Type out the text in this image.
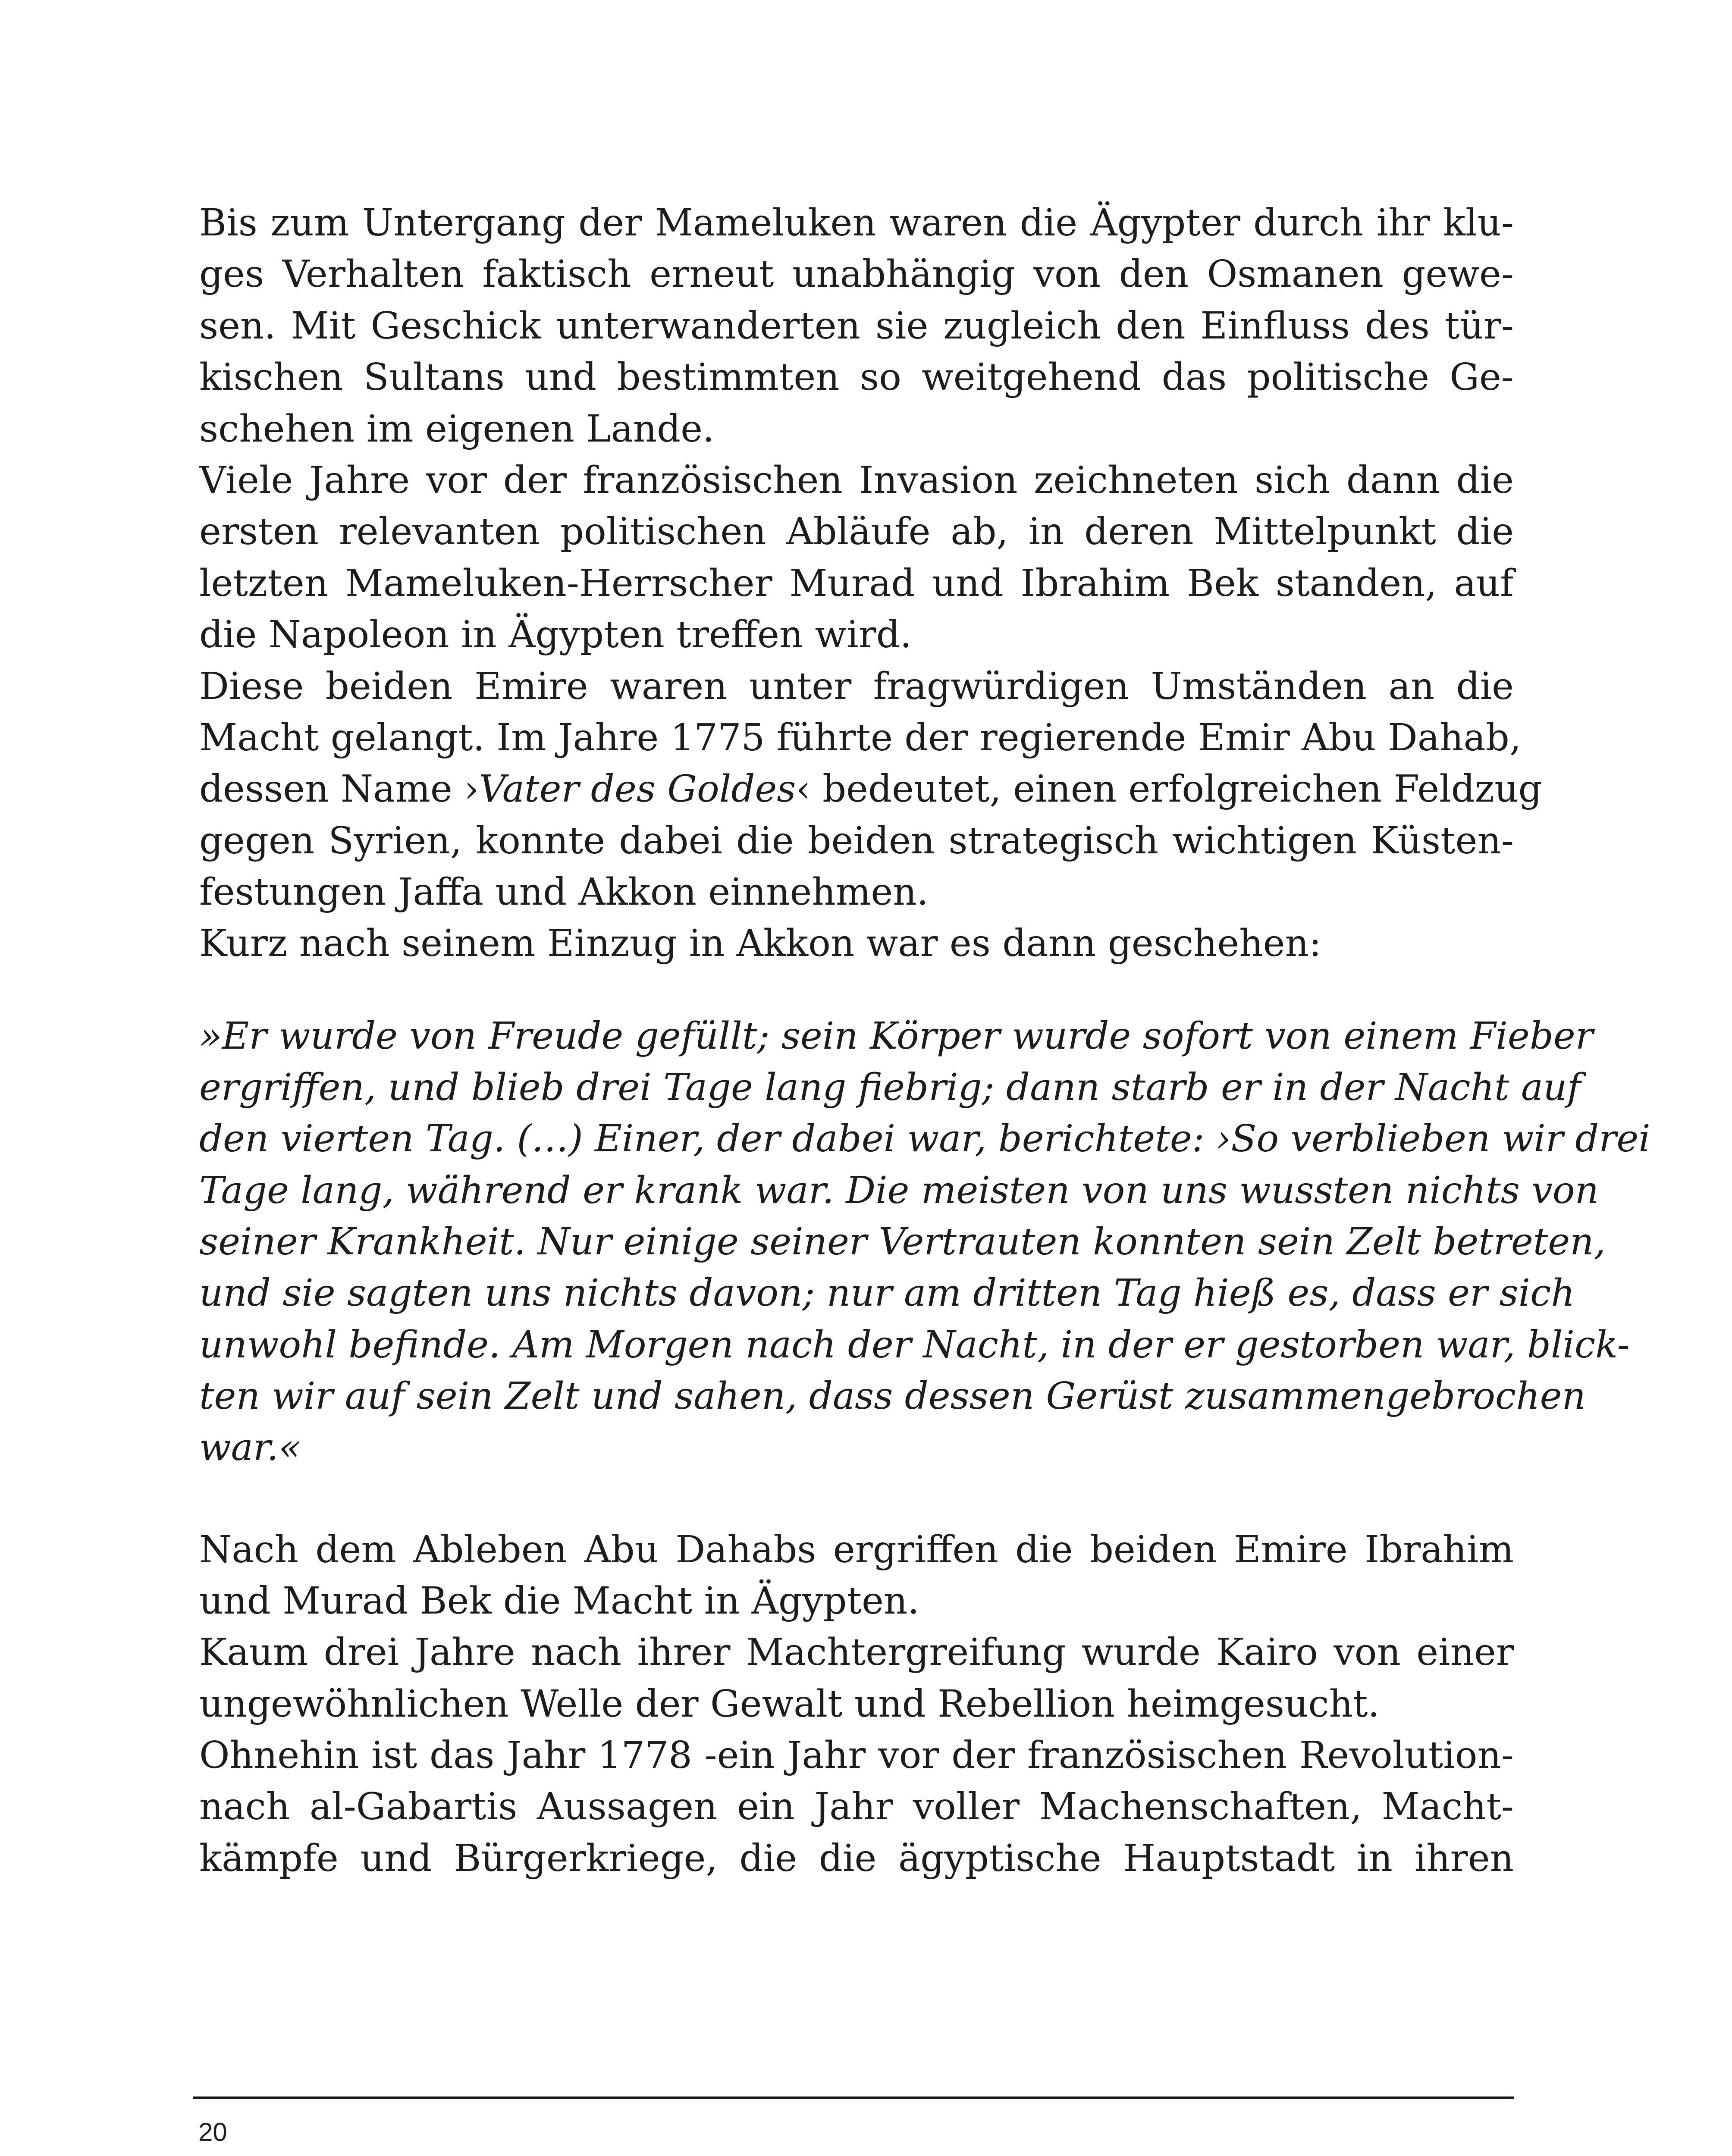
Bis zum Untergang der Mameluken waren die Ägypter durch ihr klu-
ges Verhalten faktisch erneut unabhängig von den Osmanen gewe-
sen. Mit Geschick unterwanderten sie zugleich den Einfluss des tür-
kischen Sultans und bestimmten so weitgehend das politische Ge-
schehen im eigenen Lande.
Viele Jahre vor der französischen Invasion zeichneten sich dann die
ersten relevanten politischen Abläufe ab, in deren Mittelpunkt die
letzten Mameluken-Herrscher Murad und Ibrahim Bek standen, auf
die Napoleon in Ägypten treffen wird.
Diese beiden Emire waren unter fragwürdigen Umständen an die
Macht gelangt. Im Jahre 1775 führte der regierende Emir Abu Dahab,
dessen Name ›Vater des Goldes‹ bedeutet, einen erfolgreichen Feldzug
gegen Syrien, konnte dabei die beiden strategisch wichtigen Küsten-
festungen Jaffa und Akkon einnehmen.
Kurz nach seinem Einzug in Akkon war es dann geschehen:
»Er wurde von Freude gefüllt; sein Körper wurde sofort von einem Fieber
ergriffen, und blieb drei Tage lang fiebrig; dann starb er in der Nacht auf
den vierten Tag. (…) Einer, der dabei war, berichtete: ›So verblieben wir drei
Tage lang, während er krank war. Die meisten von uns wussten nichts von
seiner Krankheit. Nur einige seiner Vertrauten konnten sein Zelt betreten,
und sie sagten uns nichts davon; nur am dritten Tag hieß es, dass er sich
unwohl befinde. Am Morgen nach der Nacht, in der er gestorben war, blick-
ten wir auf sein Zelt und sahen, dass dessen Gerüst zusammengebrochen
war.«
Nach dem Ableben Abu Dahabs ergriffen die beiden Emire Ibrahim
und Murad Bek die Macht in Ägypten.
Kaum drei Jahre nach ihrer Machtergreifung wurde Kairo von einer
ungewöhnlichen Welle der Gewalt und Rebellion heimgesucht.
Ohnehin ist das Jahr 1778 -ein Jahr vor der französischen Revolution-
nach al-Gabartis Aussagen ein Jahr voller Machenschaften, Macht-
kämpfe und Bürgerkriege, die die ägyptische Hauptstadt in ihren
20
